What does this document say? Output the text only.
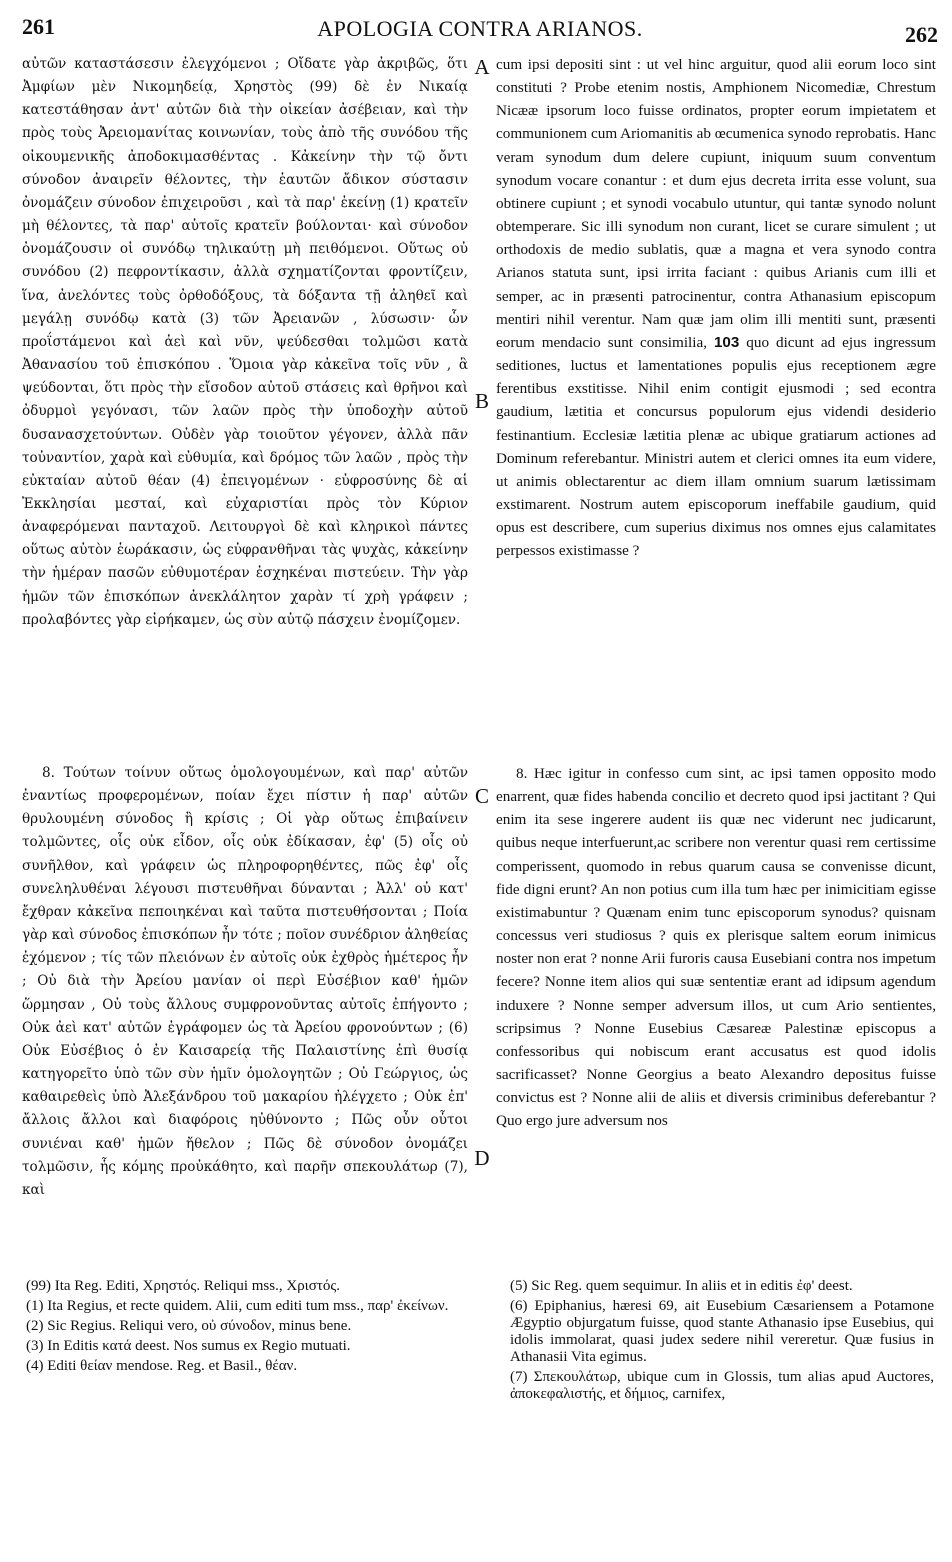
261	APOLOGIA CONTRA ARIANOS.	262

αὐτῶν καταστάσεσιν ἐλεγχόμενοι ; Οἴδατε γὰρ ἀκριβῶς, ὅτι Ἀμφίων μὲν Νικομηδείᾳ, Χρηστὸς (99) δὲ ἐν Νικαίᾳ κατεστάθησαν ἀντ' αὐτῶν διὰ τὴν οἰκείαν ἀσέβειαν, καὶ τὴν πρὸς τοὺς Ἀρειομανίτας κοινωνίαν, τοὺς ἀπὸ τῆς συνόδου τῆς οἰκουμενικῆς ἀποδοκιμασθέντας . Κἀκείνην τὴν τῷ ὄντι σύνοδον ἀναιρεῖν θέλοντες, τὴν ἑαυτῶν ἄδικον σύστασιν ὀνομάζειν σύνοδον ἐπιχειροῦσι , καὶ τὰ παρ' ἐκείνῃ (1) κρατεῖν μὴ θέλοντες, τὰ παρ' αὑτοῖς κρατεῖν βούλονται· καὶ σύνοδον ὀνομάζουσιν οἱ συνόδῳ τηλικαύτῃ μὴ πειθόμενοι. Οὕτως οὐ συνόδου (2) πεφροντίκασιν, ἀλλὰ σχηματίζονται φροντίζειν, ἵνα, ἀνελόντες τοὺς ὀρθοδόξους, τὰ δόξαντα τῇ ἀληθεῖ καὶ μεγάλῃ συνόδῳ κατὰ (3) τῶν Ἀρειανῶν , λύσωσιν· ὧν προΐστάμενοι καὶ ἀεὶ καὶ νῦν, ψεύδεσθαι τολμῶσι κατὰ Ἀθανασίου τοῦ ἐπισκόπου . Ὅμοια γὰρ κἀκεῖνα τοῖς νῦν , ἃ ψεύδονται, ὅτι πρὸς τὴν εἴσοδον αὐτοῦ στάσεις καὶ θρῆνοι καὶ ὀδυρμοὶ γεγόνασι, τῶν λαῶν πρὸς τὴν ὑποδοχὴν αὐτοῦ δυσανασχετούντων. Οὐδὲν γὰρ τοιοῦτον γέγονεν, ἀλλὰ πᾶν τοὐναντίον, χαρὰ καὶ εὐθυμία, καὶ δρόμος τῶν λαῶν , πρὸς τὴν εὐκταίαν αὐτοῦ θέαν (4) ἐπειγομένων · εὐφροσύνης δὲ αἱ Ἐκκλησίαι μεσταί, καὶ εὐχαριστίαι πρὸς τὸν Κύριον ἀναφερόμεναι πανταχοῦ. Λειτουργοὶ δὲ καὶ κληρικοὶ πάντες οὕτως αὐτὸν ἑωράκασιν, ὡς εὐφρανθῆναι τὰς ψυχὰς, κἀκείνην τὴν ἡμέραν πασῶν εὐθυμοτέραν ἐσχηκέναι πιστεύειν. Τὴν γὰρ ἡμῶν τῶν ἐπισκόπων ἀνεκλάλητον χαρὰν τί χρὴ γράφειν ; προλαβόντες γὰρ εἰρήκαμεν, ὡς σὺν αὐτῷ πάσχειν ἐνομίζομεν.

cum ipsi depositi sint : ut vel hinc arguitur, quod alii eorum loco sint constituti ? Probe etenim nostis, Amphionem Nicomediæ, Chrestum Nicææ ipsorum loco fuisse ordinatos, propter eorum impietatem et communionem cum Ariomanitis ab œcumenica synodo reprobatis. Hanc veram synodum dum delere cupiunt, iniquum suum conventum synodum vocare conantur : et dum ejus decreta irrita esse volunt, sua obtinere cupiunt ; et synodi vocabulo utuntur, qui tantæ synodo nolunt obtemperare. Sic illi synodum non curant, licet se curare simulent ; ut orthodoxis de medio sublatis, quæ a magna et vera synodo contra Arianos statuta sunt, ipsi irrita faciant : quibus Arianis cum illi et semper, ac in præsenti patrocinentur, contra Athanasium episcopum mentiri nihil verentur. Nam quæ jam olim illi mentiti sunt, præsenti eorum mendacio sunt consimilia, 103 quo dicunt ad ejus ingressum seditiones, luctus et lamentationes populis ejus receptionem ægre ferentibus exstitisse. Nihil enim contigit ejusmodi ; sed econtra gaudium, lætitia et concursus populorum ejus videndi desiderio festinantium. Ecclesiæ lætitia plenæ ac ubique gratiarum actiones ad Dominum referebantur. Ministri autem et clerici omnes ita eum videre, ut animis oblectarentur ac diem illam omnium suarum lætissimam exstimarent. Nostrum autem episcoporum ineffabile gaudium, quid opus est describere, cum superius diximus nos omnes ejus calamitates perpessos existimasse ?

8. Τούτων τοίνυν οὕτως ὁμολογουμένων, καὶ παρ' αὐτῶν ἐναντίως προφερομένων, ποίαν ἔχει πίστιν ἡ παρ' αὐτῶν θρυλουμένη σύνοδος ἢ κρίσις ; Οἱ γὰρ οὕτως ἐπιβαίνειν τολμῶντες, οἷς οὐκ εἶδον, οἷς οὐκ ἐδίκασαν, ἐφ' (5) οἷς οὐ συνῆλθον, καὶ γράφειν ὡς πληροφορηθέντες, πῶς ἐφ' οἷς συνεληλυθέναι λέγουσι πιστευθῆναι δύνανται ; Ἀλλ' οὐ κατ' ἔχθραν κἀκεῖνα πεποιηκέναι καὶ ταῦτα πιστευθήσονται ; Ποία γὰρ καὶ σύνοδος ἐπισκόπων ἦν τότε ; ποῖον συνέδριον ἀληθείας ἐχόμενον ; τίς τῶν πλειόνων ἐν αὐτοῖς οὐκ ἐχθρὸς ἡμέτερος ἦν ; Οὐ διὰ τὴν Ἀρείου μανίαν οἱ περὶ Εὐσέβιον καθ' ἡμῶν ὥρμησαν , Οὐ τοὺς ἄλλους συμφρονοῦντας αὐτοῖς ἐπήγοντο ; Οὐκ ἀεὶ κατ' αὐτῶν ἐγράφομεν ὡς τὰ Ἀρείου φρονούντων ; (6) Οὐκ Εὐσέβιος ὁ ἐν Καισαρείᾳ τῆς Παλαιστίνης ἐπὶ θυσίᾳ κατηγορεῖτο ὑπὸ τῶν σὺν ἡμῖν ὁμολογητῶν ; Οὐ Γεώργιος, ὡς καθαιρεθεὶς ὑπὸ Ἀλεξάνδρου τοῦ μακαρίου ἠλέγχετο ; Οὐκ ἐπ' ἄλλοις ἄλλοι καὶ διαφόροις ηὐθύνοντο ; Πῶς οὖν οὗτοι συνιέναι καθ' ἡμῶν ἤθελον ; Πῶς δὲ σύνοδον ὀνομάζει τολμῶσιν, ἧς κόμης προὐκάθητο, καὶ παρῆν σπεκουλάτωρ (7), καὶ

8. Hæc igitur in confesso cum sint, ac ipsi tamen opposito modo enarrent, quæ fides habenda concilio et decreto quod ipsi jactitant ? Qui enim ita sese ingerere audent iis quæ nec viderunt nec judicarunt, quibus neque interfuerunt,ac scribere non verentur quasi rem certissime comperissent, quomodo in rebus quarum causa se convenisse dicunt, fide digni erunt? An non potius cum illa tum hæc per inimicitiam egisse existimabuntur ? Quænam enim tunc episcoporum synodus? quisnam concessus veri studiosus ? quis ex plerisque saltem eorum inimicus noster non erat ? nonne Arii furoris causa Eusebiani contra nos impetum fecere? Nonne item alios qui suæ sententiæ erant ad idipsum agendum induxere ? Nonne semper adversum illos, ut cum Ario sentientes, scripsimus ? Nonne Eusebius Cæsareæ Palestinæ episcopus a confessoribus qui nobiscum erant accusatus est quod idolis sacrificasset? Nonne Georgius a beato Alexandro depositus fuisse convictus est ? Nonne alii de aliis et diversis criminibus deferebantur ? Quo ergo jure adversum nos

A
B
C
D

(99) Ita Reg. Editi, Χρηστός. Reliqui mss., Χριστός.

(1) Ita Regius, et recte quidem. Alii, cum editi tum mss., παρ' ἐκείνων.

(2) Sic Regius. Reliqui vero, οὐ σύνοδον, minus bene.

(3) In Editis κατά deest. Nos sumus ex Regio mutuati.

(4) Editi θείαν mendose. Reg. et Basil., θέαν.

(5) Sic Reg. quem sequimur. In aliis et in editis ἐφ' deest.

(6) Epiphanius, hæresi 69, ait Eusebium Cæsariensem a Potamone Ægyptio objurgatum fuisse, quod stante Athanasio ipse Eusebius, qui idolis immolarat, quasi judex sedere nihil vereretur. Quæ fusius in Athanasii Vita egimus.

(7) Σπεκουλάτωρ, ubique cum in Glossis, tum alias apud Auctores, ἀποκεφαλιστής, et δήμιος, carnifex,
